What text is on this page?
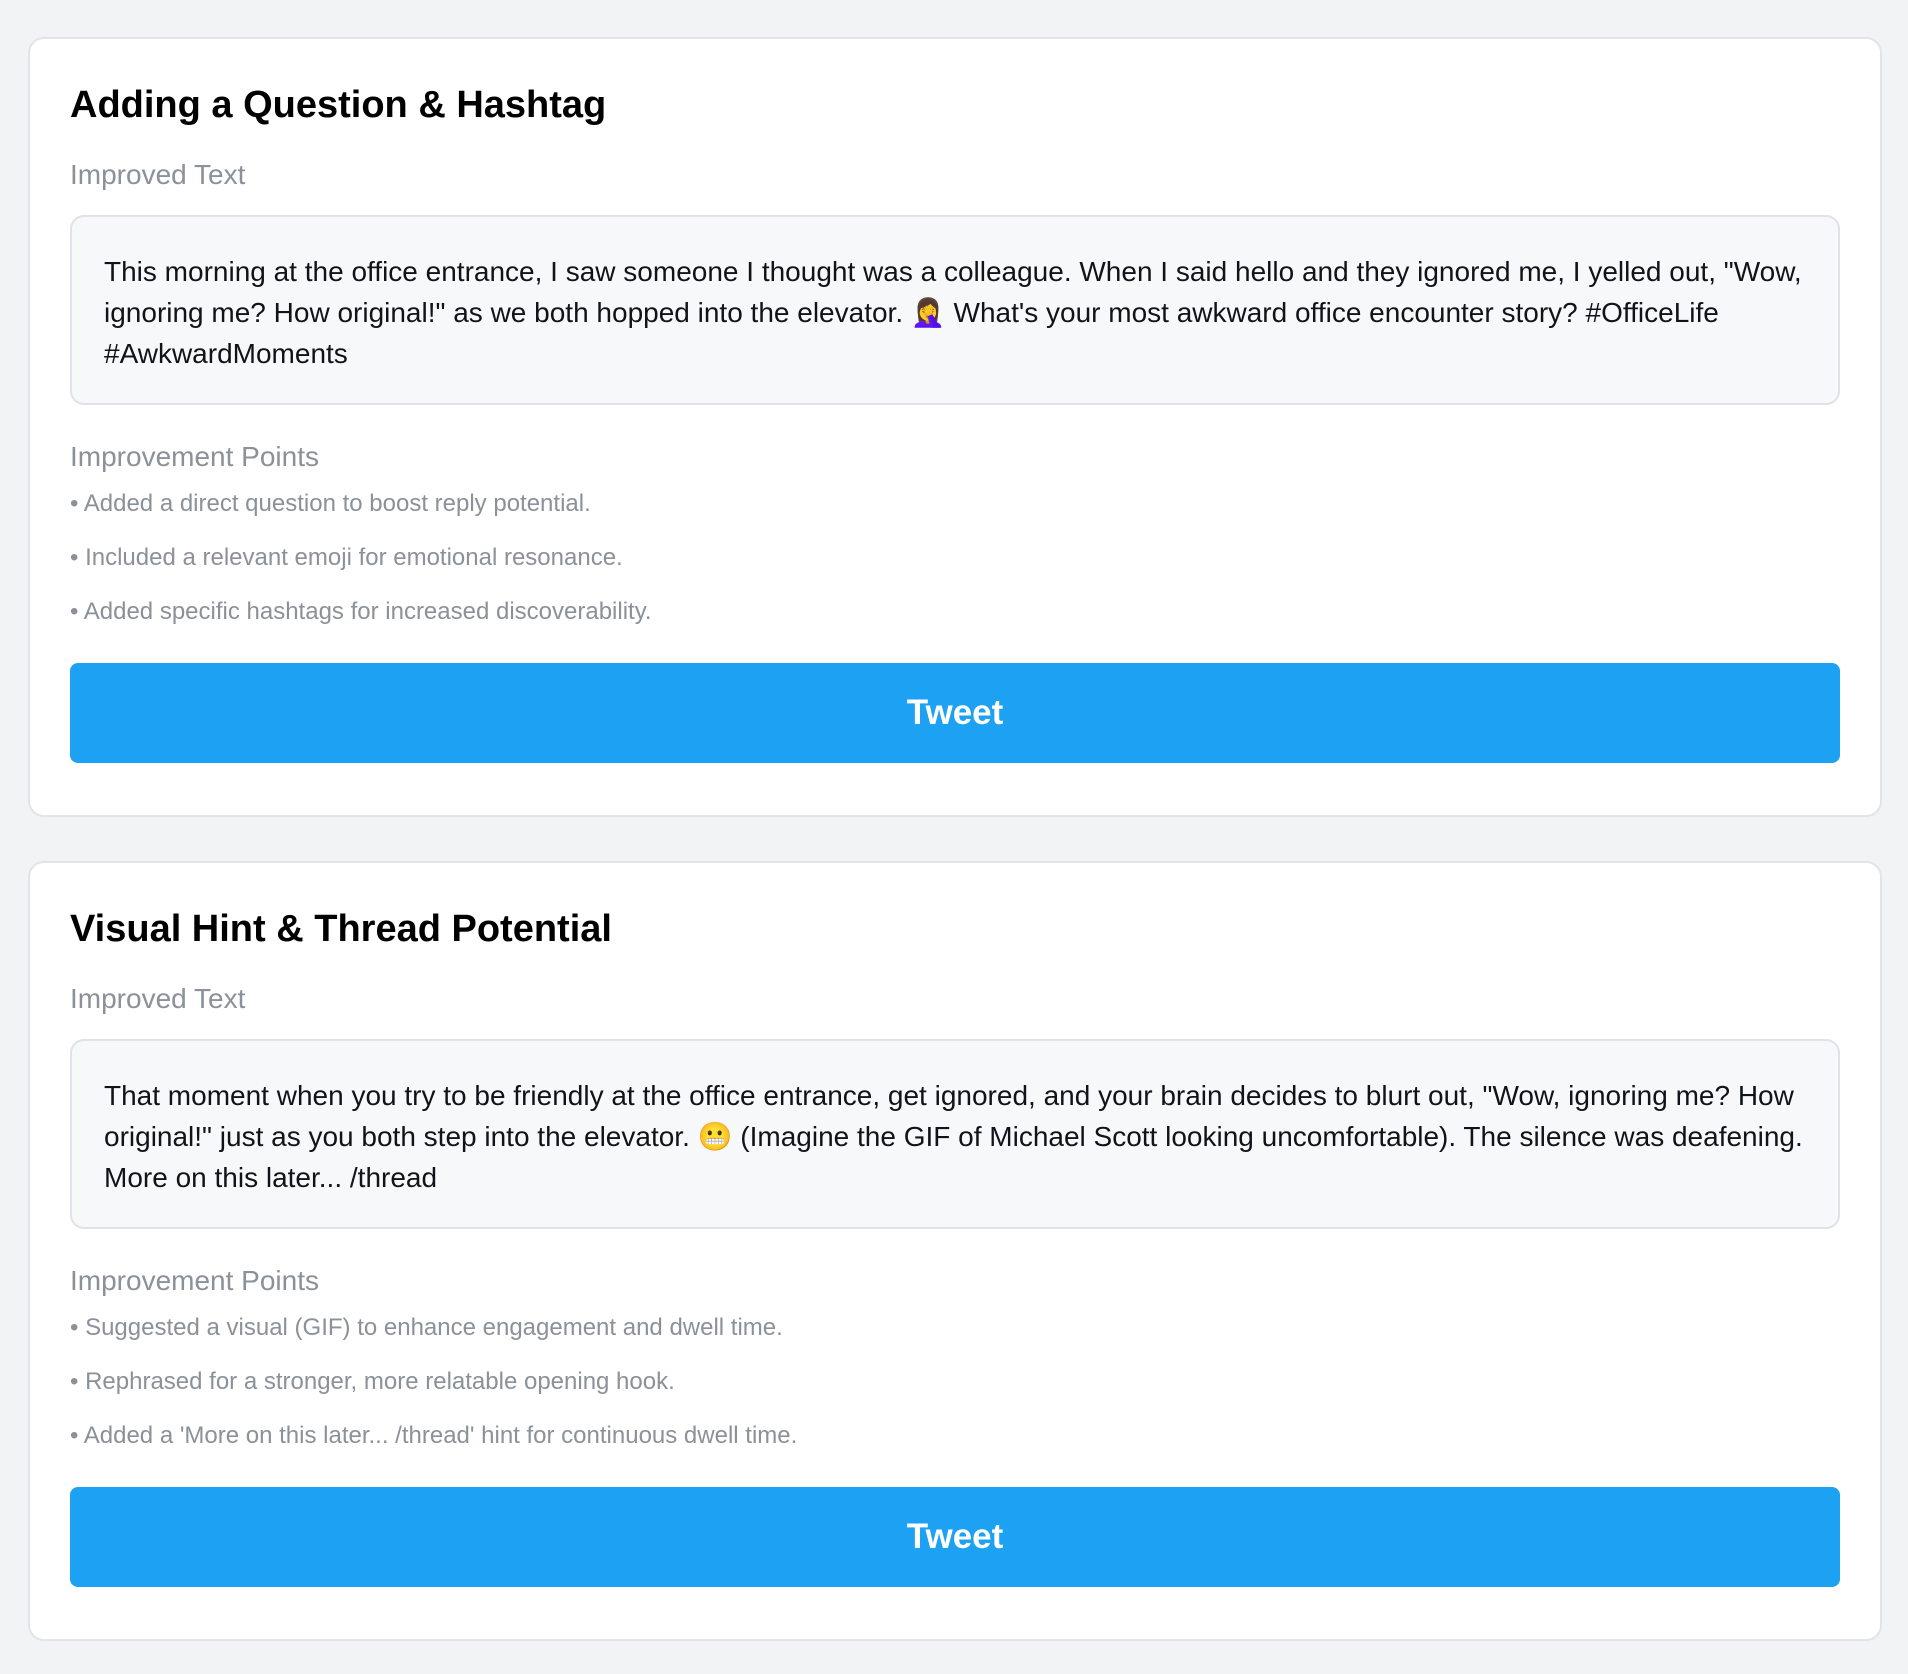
Adding a Question & Hashtag
Improved Text
This morning at the office entrance, I saw someone I thought was a colleague. When I said hello and they ignored me, I yelled out, "Wow, ignoring me? How original!" as we both hopped into the elevator. 🤦‍♀️ What's your most awkward office encounter story? #OfficeLife #AwkwardMoments
Improvement Points
• Added a direct question to boost reply potential.
• Included a relevant emoji for emotional resonance.
• Added specific hashtags for increased discoverability.
Tweet
Visual Hint & Thread Potential
Improved Text
That moment when you try to be friendly at the office entrance, get ignored, and your brain decides to blurt out, "Wow, ignoring me? How original!" just as you both step into the elevator. 😬 (Imagine the GIF of Michael Scott looking uncomfortable). The silence was deafening. More on this later... /thread
Improvement Points
• Suggested a visual (GIF) to enhance engagement and dwell time.
• Rephrased for a stronger, more relatable opening hook.
• Added a 'More on this later... /thread' hint for continuous dwell time.
Tweet
